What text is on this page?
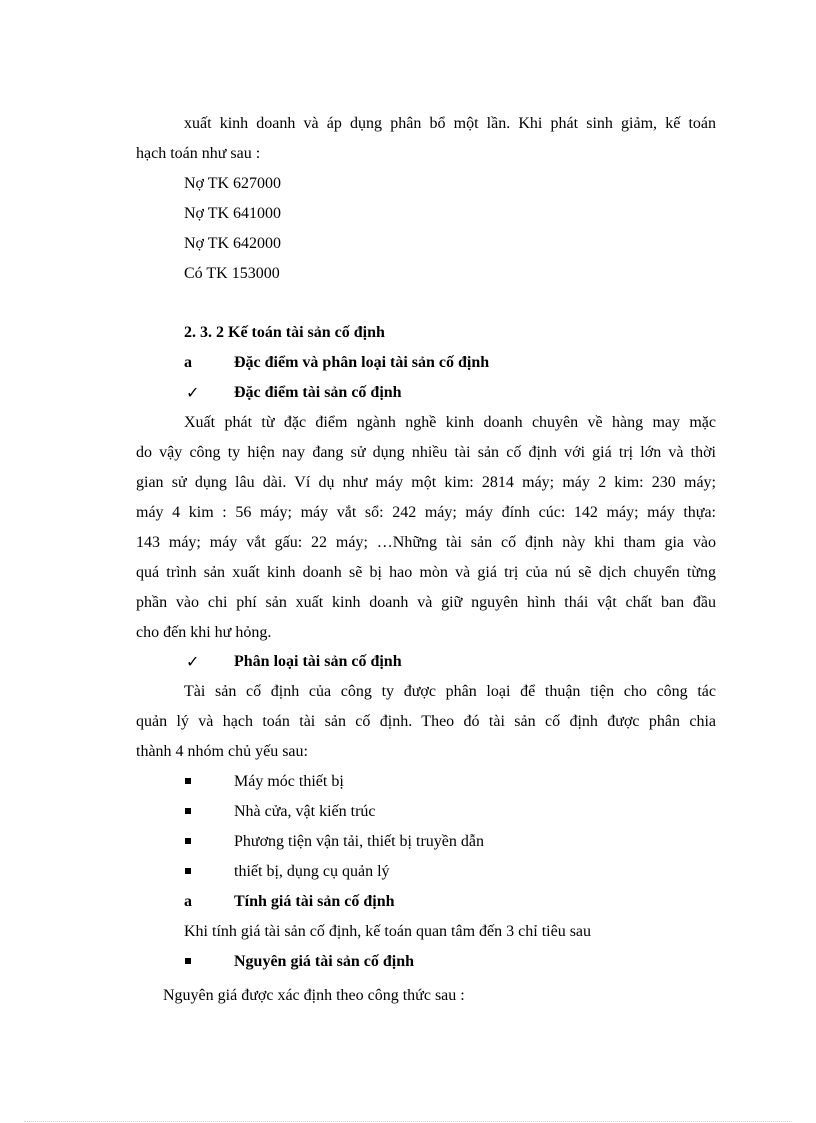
xuất kinh doanh và áp dụng phân bổ một lần. Khi phát sinh giảm, kế toán
hạch toán như sau :
Nợ TK 627000
Nợ TK 641000
Nợ TK 642000
Có TK 153000
2. 3. 2 Kế toán tài sản cố định
a	Đặc điểm và phân loại tài sản cố định
✓ Đặc điểm tài sản cố định
Xuất phát từ đặc điểm ngành nghề kinh doanh chuyên về hàng may mặc
do vậy công ty hiện nay đang sử dụng nhiều tài sản cố định với giá trị lớn và thời
gian sử dụng lâu dài. Ví dụ như máy một kim: 2814 máy; máy 2 kim: 230 máy;
máy 4 kim : 56 máy; máy vắt sổ: 242 máy; máy đính cúc: 142 máy; máy thựa:
143 máy; máy vắt gấu: 22 máy; …Những tài sản cố định này khi tham gia vào
quá trình sản xuất kinh doanh sẽ bị hao mòn và giá trị của nú sẽ dịch chuyển từng
phần vào chi phí sản xuất kinh doanh và giữ nguyên hình thái vật chất ban đầu
cho đến khi hư hỏng.
✓ Phân loại tài sản cố định
Tài sản cố định của công ty được phân loại để thuận tiện cho công tác
quản lý và hạch toán tài sản cố định. Theo đó tài sản cố định được phân chia
thành 4 nhóm chủ yếu sau:
Máy móc thiết bị
Nhà cửa, vật kiến trúc
Phương tiện vận tải, thiết bị truyền dẫn
thiết bị, dụng cụ quản lý
a	Tính giá tài sản cố định
Khi tính giá tài sản cố định, kế toán quan tâm đến 3 chỉ tiêu sau
Nguyên giá tài sản cố định
Nguyên giá được xác định theo công thức sau :
